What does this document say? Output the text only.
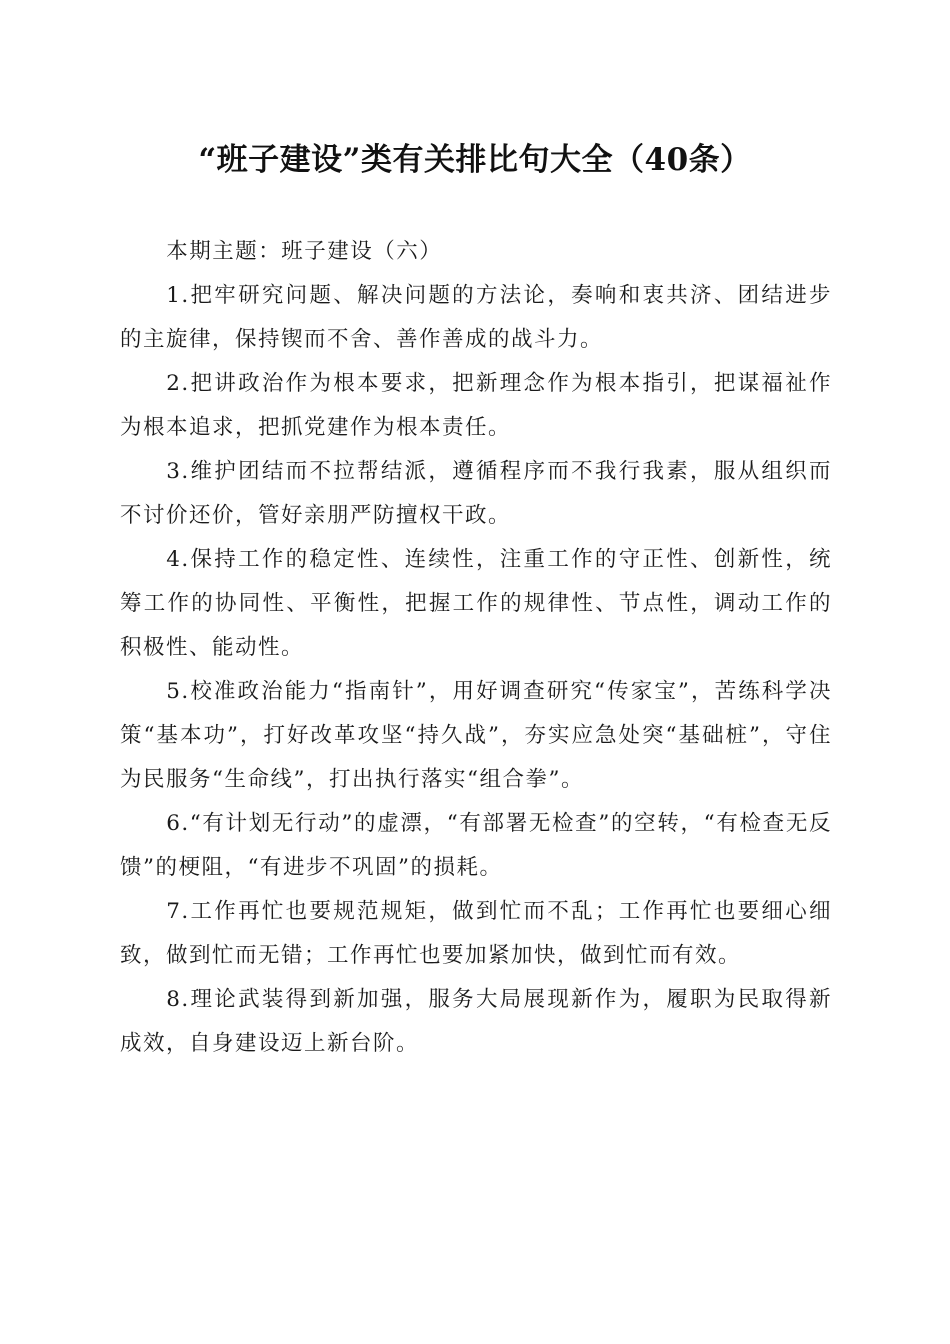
“班子建设”类有关排比句大全（40条）

本期主题：班子建设（六）

1.把牢研究问题、解决问题的方法论，奏响和衷共济、团结进步的主旋律，保持锲而不舍、善作善成的战斗力。

2.把讲政治作为根本要求，把新理念作为根本指引，把谋福祉作为根本追求，把抓党建作为根本责任。

3.维护团结而不拉帮结派，遵循程序而不我行我素，服从组织而不讨价还价，管好亲朋严防擅权干政。

4.保持工作的稳定性、连续性，注重工作的守正性、创新性，统筹工作的协同性、平衡性，把握工作的规律性、节点性，调动工作的积极性、能动性。

5.校准政治能力“指南针”，用好调查研究“传家宝”，苦练科学决策“基本功”，打好改革攻坚“持久战”，夯实应急处突“基础桩”，守住为民服务“生命线”，打出执行落实“组合拳”。

6.“有计划无行动”的虚漂，“有部署无检查”的空转，“有检查无反馈”的梗阻，“有进步不巩固”的损耗。

7.工作再忙也要规范规矩，做到忙而不乱；工作再忙也要细心细致，做到忙而无错；工作再忙也要加紧加快，做到忙而有效。

8.理论武装得到新加强，服务大局展现新作为，履职为民取得新成效，自身建设迈上新台阶。
